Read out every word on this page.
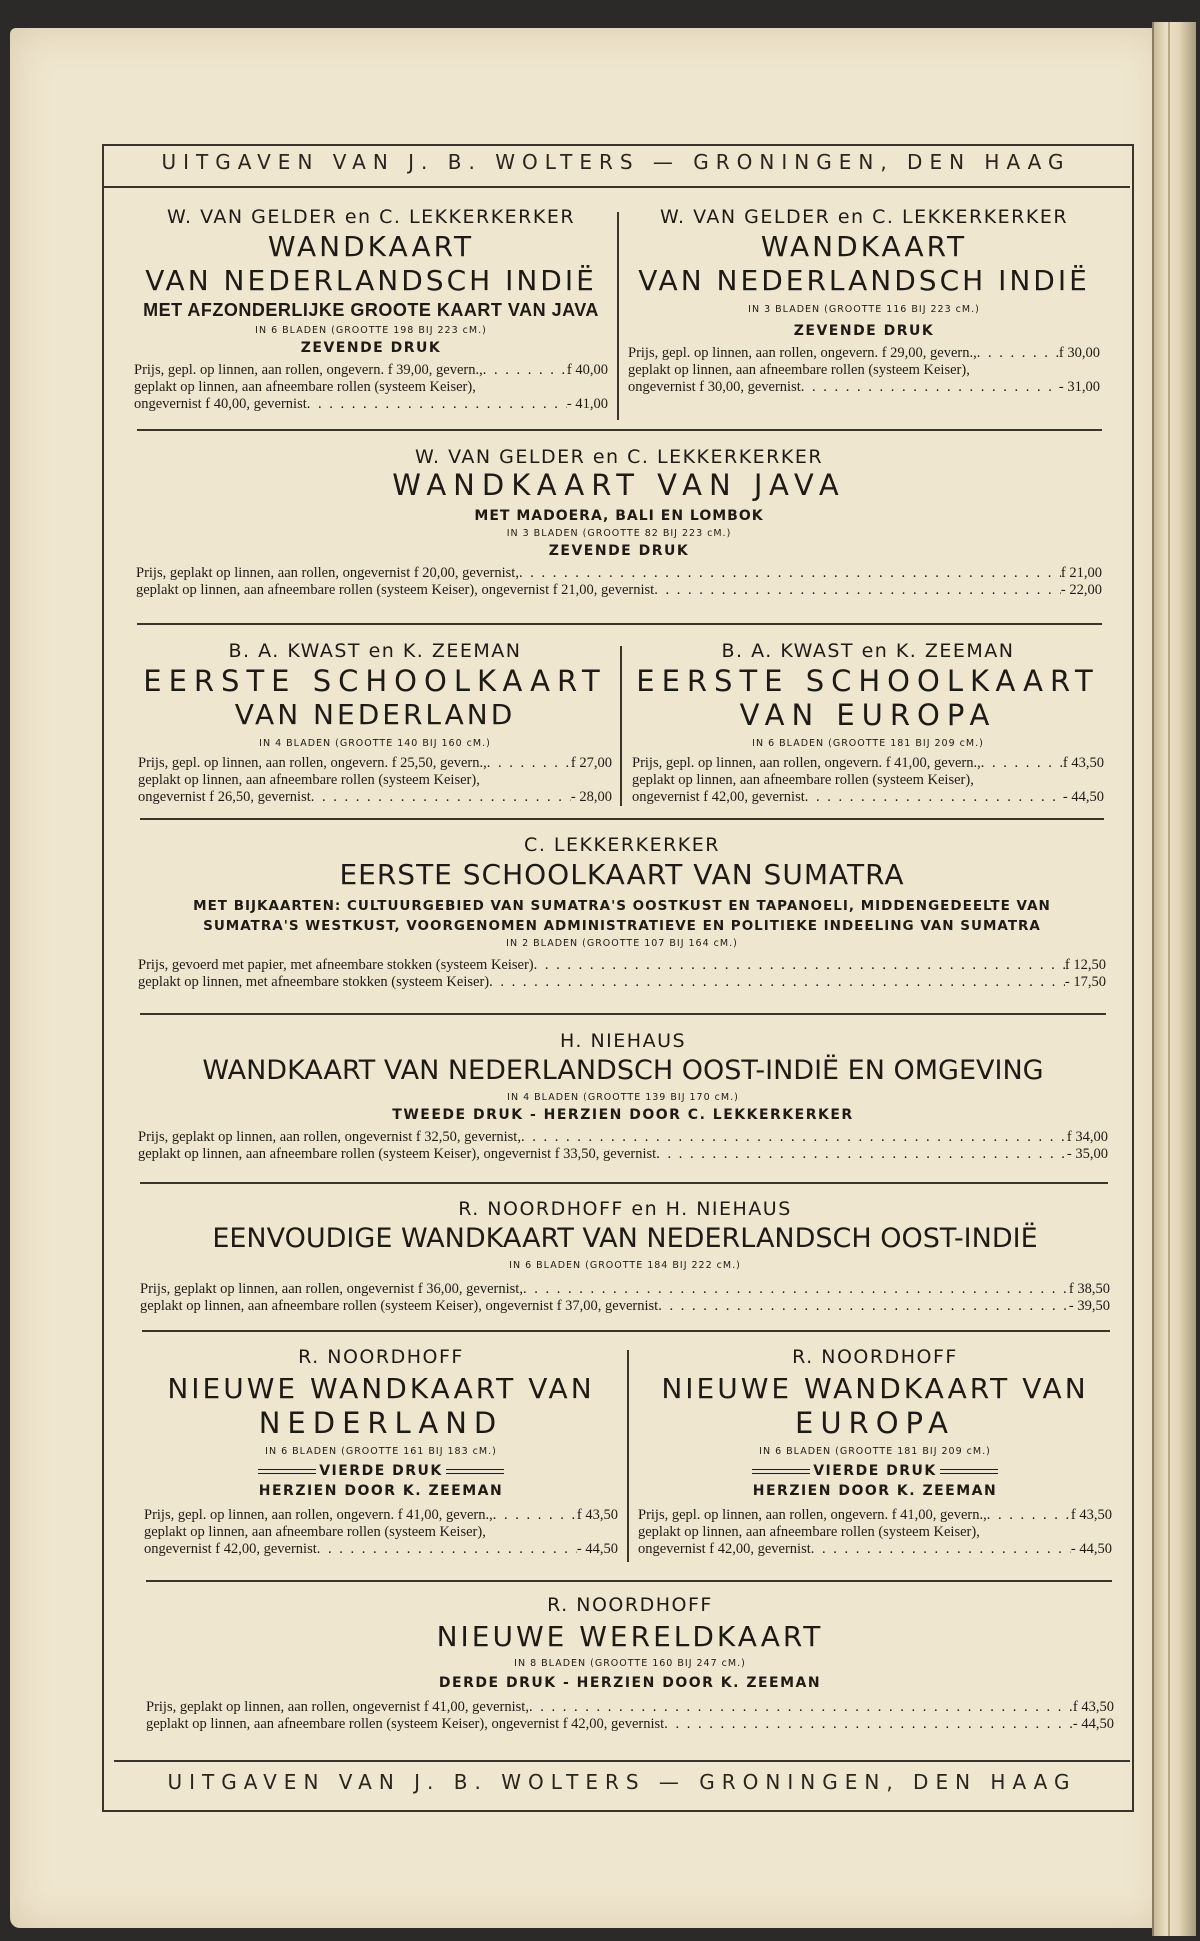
UITGAVEN VAN J. B. WOLTERS — GRONINGEN, DEN HAAG
W. VAN GELDER en C. LEKKERKERKER
WANDKAART
VAN NEDERLANDSCH INDIË
MET AFZONDERLIJKE GROOTE KAART VAN JAVA
IN 6 BLADEN (GROOTTE 198 BIJ 223 cM.)
ZEVENDE DRUK
Prijs, gepl. op linnen, aan rollen, ongevern. f 39,00, gevern., . . .	f 40,00
geplakt op linnen, aan afneembare rollen (systeem Keiser),
ongevernist f 40,00, gevernist . . .	- 41,00
W. VAN GELDER en C. LEKKERKERKER
WANDKAART
VAN NEDERLANDSCH INDIË
IN 3 BLADEN (GROOTTE 116 BIJ 223 cM.)
ZEVENDE DRUK
Prijs, gepl. op linnen, aan rollen, ongevern. f 29,00, gevern., . . .	f 30,00
geplakt op linnen, aan afneembare rollen (systeem Keiser),
ongevernist f 30,00, gevernist . . .	- 31,00
W. VAN GELDER en C. LEKKERKERKER
WANDKAART VAN JAVA
MET MADOERA, BALI EN LOMBOK
IN 3 BLADEN (GROOTTE 82 BIJ 223 cM.)
ZEVENDE DRUK
Prijs, geplakt op linnen, aan rollen, ongevernist f 20,00, gevernist, . . .	f 21,00
geplakt op linnen, aan afneembare rollen (systeem Keiser), ongevernist f 21,00, gevernist . . .	- 22,00
B. A. KWAST en K. ZEEMAN
EERSTE SCHOOLKAART
VAN NEDERLAND
IN 4 BLADEN (GROOTTE 140 BIJ 160 cM.)
Prijs, gepl. op linnen, aan rollen, ongevern. f 25,50, gevern., . . .	f 27,00
geplakt op linnen, aan afneembare rollen (systeem Keiser),
ongevernist f 26,50, gevernist . . .	- 28,00
B. A. KWAST en K. ZEEMAN
EERSTE SCHOOLKAART
VAN EUROPA
IN 6 BLADEN (GROOTTE 181 BIJ 209 cM.)
Prijs, gepl. op linnen, aan rollen, ongevern. f 41,00, gevern., . . .	f 43,50
geplakt op linnen, aan afneembare rollen (systeem Keiser),
ongevernist f 42,00, gevernist . . .	- 44,50
C. LEKKERKERKER
EERSTE SCHOOLKAART VAN SUMATRA
MET BIJKAARTEN: CULTUURGEBIED VAN SUMATRA'S OOSTKUST EN TAPANOELI, MIDDENGEDEELTE VAN
SUMATRA'S WESTKUST, VOORGENOMEN ADMINISTRATIEVE EN POLITIEKE INDEELING VAN SUMATRA
IN 2 BLADEN (GROOTTE 107 BIJ 164 cM.)
Prijs, gevoerd met papier, met afneembare stokken (systeem Keiser) . . .	f 12,50
geplakt op linnen, met afneembare stokken (systeem Keiser) . . .	- 17,50
H. NIEHAUS
WANDKAART VAN NEDERLANDSCH OOST-INDIË EN OMGEVING
IN 4 BLADEN (GROOTTE 139 BIJ 170 cM.)
TWEEDE DRUK - HERZIEN DOOR C. LEKKERKERKER
Prijs, geplakt op linnen, aan rollen, ongevernist f 32,50, gevernist, . . .	f 34,00
geplakt op linnen, aan afneembare rollen (systeem Keiser), ongevernist f 33,50, gevernist . . .	- 35,00
R. NOORDHOFF en H. NIEHAUS
EENVOUDIGE WANDKAART VAN NEDERLANDSCH OOST-INDIË
IN 6 BLADEN (GROOTTE 184 BIJ 222 cM.)
Prijs, geplakt op linnen, aan rollen, ongevernist f 36,00, gevernist, . . .	f 38,50
geplakt op linnen, aan afneembare rollen (systeem Keiser), ongevernist f 37,00, gevernist . . .	- 39,50
R. NOORDHOFF
NIEUWE WANDKAART VAN
NEDERLAND
IN 6 BLADEN (GROOTTE 161 BIJ 183 cM.)
VIERDE DRUK
HERZIEN DOOR K. ZEEMAN
Prijs, gepl. op linnen, aan rollen, ongevern. f 41,00, gevern., . . .	f 43,50
geplakt op linnen, aan afneembare rollen (systeem Keiser),
ongevernist f 42,00, gevernist . . .	- 44,50
R. NOORDHOFF
NIEUWE WANDKAART VAN
EUROPA
IN 6 BLADEN (GROOTTE 181 BIJ 209 cM.)
VIERDE DRUK
HERZIEN DOOR K. ZEEMAN
Prijs, gepl. op linnen, aan rollen, ongevern. f 41,00, gevern., . . .	f 43,50
geplakt op linnen, aan afneembare rollen (systeem Keiser),
ongevernist f 42,00, gevernist . . .	- 44,50
R. NOORDHOFF
NIEUWE WERELDKAART
IN 8 BLADEN (GROOTTE 160 BIJ 247 cM.)
DERDE DRUK - HERZIEN DOOR K. ZEEMAN
Prijs, geplakt op linnen, aan rollen, ongevernist f 41,00, gevernist, . . .	f 43,50
geplakt op linnen, aan afneembare rollen (systeem Keiser), ongevernist f 42,00, gevernist . . .	- 44,50
UITGAVEN VAN J. B. WOLTERS — GRONINGEN, DEN HAAG
